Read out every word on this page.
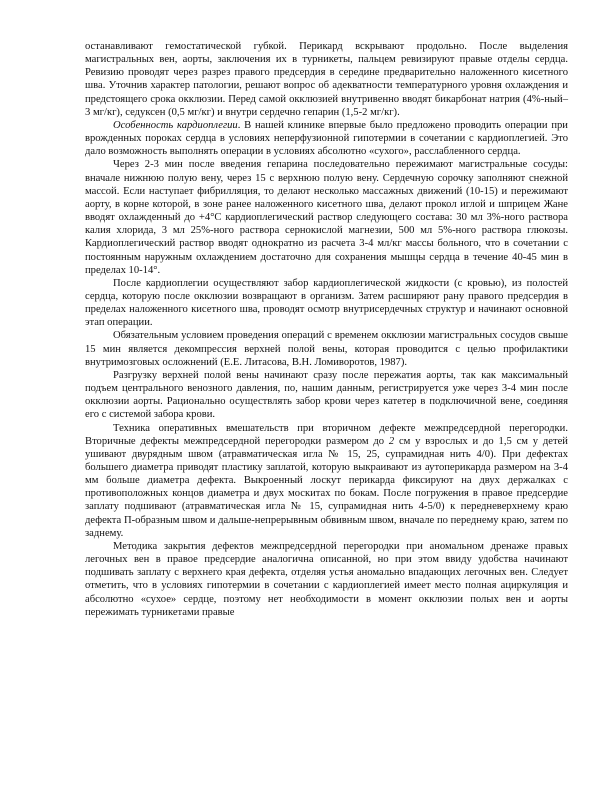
останавливают гемостатической губкой. Перикард вскрывают продольно. После выделения магистральных вен, аорты, заключения их в турникеты, пальцем ревизируют правые отделы сердца. Ревизию проводят через разрез правого предсердия в середине предварительно наложенного кисетного шва. Уточнив характер патологии, решают вопрос об адекватности температурного уровня охлаждения и предстоящего срока окклюзии. Перед самой окклюзией внутривенно вводят бикарбонат натрия (4%-ный–3 мг/кг), седуксен (0,5 мг/кг) и внутри сердечно гепарин (1,5-2 мг/кг).

Особенность кардиоплегии. В нашей клинике впервые было предложено проводить операции при врожденных пороках сердца в условиях неперфузионной гипотермии в сочетании с кардиоплегией. Это дало возможность выполнять операции в условиях абсолютно «сухого», расслабленного сердца.

Через 2-3 мин после введения гепарина последовательно пережимают магистральные сосуды: вначале нижнюю полую вену, через 15 с верхнюю полую вену. Сердечную сорочку заполняют снежной массой. Если наступает фибрилляция, то делают несколько массажных движений (10-15) и пережимают аорту, в корне которой, в зоне ранее наложенного кисетного шва, делают прокол иглой и шприцем Жане вводят охлажденный до +4°С кардиоплегический раствор следующего состава: 30 мл 3%-ного раствора калия хлорида, 3 мл 25%-ного раствора сернокислой магнезии, 500 мл 5%-ного раствора глюкозы. Кардиоплегический раствор вводят однократно из расчета 3-4 мл/кг массы больного, что в сочетании с постоянным наружным охлаждением достаточно для сохранения мышцы сердца в течение 40-45 мин в пределах 10-14°.

После кардиоплегии осуществляют забор кардиоплегической жидкости (с кровью), из полостей сердца, которую после окклюзии возвращают в организм. Затем расширяют рану правого предсердия в пределах наложенного кисетного шва, проводят осмотр внутрисердечных структур и начинают основной этап операции.

Обязательным условием проведения операций с временем окклюзии магистральных сосудов свыше 15 мин является декомпрессия верхней полой вены, которая проводится с целью профилактики внутримозговых осложнений (Е.Е. Литасова, В.Н. Ломиворотов, 1987).

Разгрузку верхней полой вены начинают сразу после пережатия аорты, так как максимальный подъем центрального венозного давления, по, нашим данным, регистрируется уже через 3-4 мин после окклюзии аорты. Рационально осуществлять забор крови через катетер в подключичной вене, соединяя его с системой забора крови.

Техника оперативных вмешательств при вторичном дефекте межпредсердной перегородки. Вторичные дефекты межпредсердной перегородки размером до 2 см у взрослых и до 1,5 см у детей ушивают двурядным швом (атравматическая игла № 15, 25, супрамидная нить 4/0). При дефектах большего диаметра приводят пластику заплатой, которую выкраивают из аутоперикарда размером на 3-4 мм больше диаметра дефекта. Выкроенный лоскут перикарда фиксируют на двух держалках с противоположных концов диаметра и двух москитах по бокам. После погружения в правое предсердие заплату подшивают (атравматическая игла № 15, супрамидная нить 4-5/0) к передневерхнему краю дефекта П-образным швом и дальше-непрерывным обвивным швом, вначале по переднему краю, затем по заднему.

Методика закрытия дефектов межпредсердной перегородки при аномальном дренаже правых легочных вен в правое предсердие аналогична описанной, но при этом ввиду удобства начинают подшивать заплату с верхнего края дефекта, отделяя устья аномально впадающих легочных вен. Следует отметить, что в условиях гипотермии в сочетании с кардиоплегией имеет место полная ациркуляция и абсолютно «сухое» сердце, поэтому нет необходимости в момент окклюзии полых вен и аорты пережимать турникетами правые
